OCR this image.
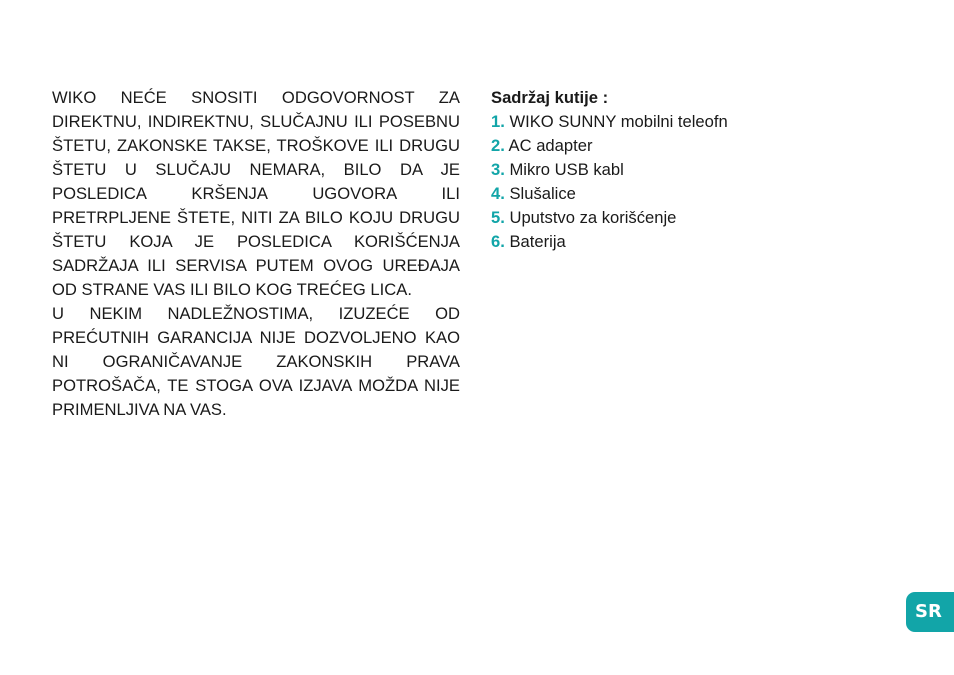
WIKO NEĆE SNOSITI ODGOVORNOST ZA DIREKTNU, INDIREKTNU, SLUČAJNU ILI POSEBNU ŠTETU, ZAKONSKE TAKSE, TROŠKOVE ILI DRUGU ŠTETU U SLUČAJU NEMARA, BILO DA JE POSLEDICA KRŠENJA UGOVORA ILI PRETRPLJENE ŠTETE, NITI ZA BILO KOJU DRUGU ŠTETU KOJA JE POSLEDICA KORIŠĆENJA SADRŽAJA ILI SERVISA PUTEM OVOG UREĐAJA OD STRANE VAS ILI BILO KOG TREĆEG LICA.

U NEKIM NADLEŽNOSTIMA, IZUZEĆE OD PREĆUTNIH GARANCIJA NIJE DOZVOLJENO KAO NI OGRANIČAVANJE ZAKONSKIH PRAVA POTROŠAČA, TE STOGA OVA IZJAVA MOŽDA NIJE PRIMENLJIVA NA VAS.

Sadržaj kutije :

1. WIKO SUNNY mobilni teleofn
2. AC adapter
3. Mikro USB kabl
4. Slušalice
5. Uputstvo za korišćenje
6. Baterija
SR
